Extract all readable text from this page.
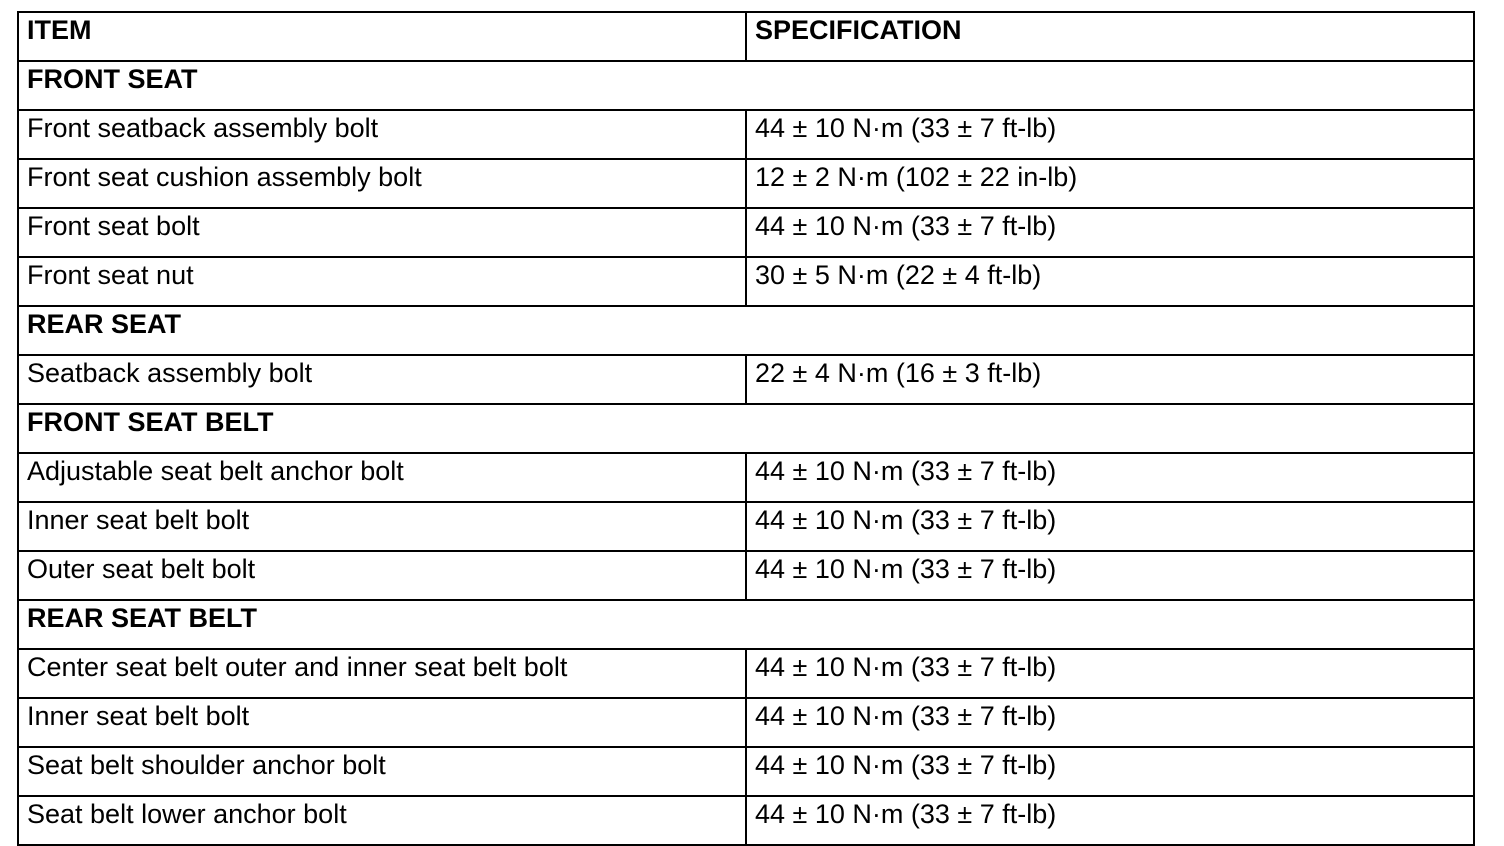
ITEM	SPECIFICATION
FRONT SEAT	
Front seatback assembly bolt	44 ± 10 N·m (33 ± 7 ft-lb)
Front seat cushion assembly bolt	12 ± 2 N·m (102 ± 22 in-lb)
Front seat bolt	44 ± 10 N·m (33 ± 7 ft-lb)
Front seat nut	30 ± 5 N·m (22 ± 4 ft-lb)
REAR SEAT	
Seatback assembly bolt	22 ± 4 N·m (16 ± 3 ft-lb)
FRONT SEAT BELT	
Adjustable seat belt anchor bolt	44 ± 10 N·m (33 ± 7 ft-lb)
Inner seat belt bolt	44 ± 10 N·m (33 ± 7 ft-lb)
Outer seat belt bolt	44 ± 10 N·m (33 ± 7 ft-lb)
REAR SEAT BELT	
Center seat belt outer and inner seat belt bolt	44 ± 10 N·m (33 ± 7 ft-lb)
Inner seat belt bolt	44 ± 10 N·m (33 ± 7 ft-lb)
Seat belt shoulder anchor bolt	44 ± 10 N·m (33 ± 7 ft-lb)
Seat belt lower anchor bolt	44 ± 10 N·m (33 ± 7 ft-lb)
